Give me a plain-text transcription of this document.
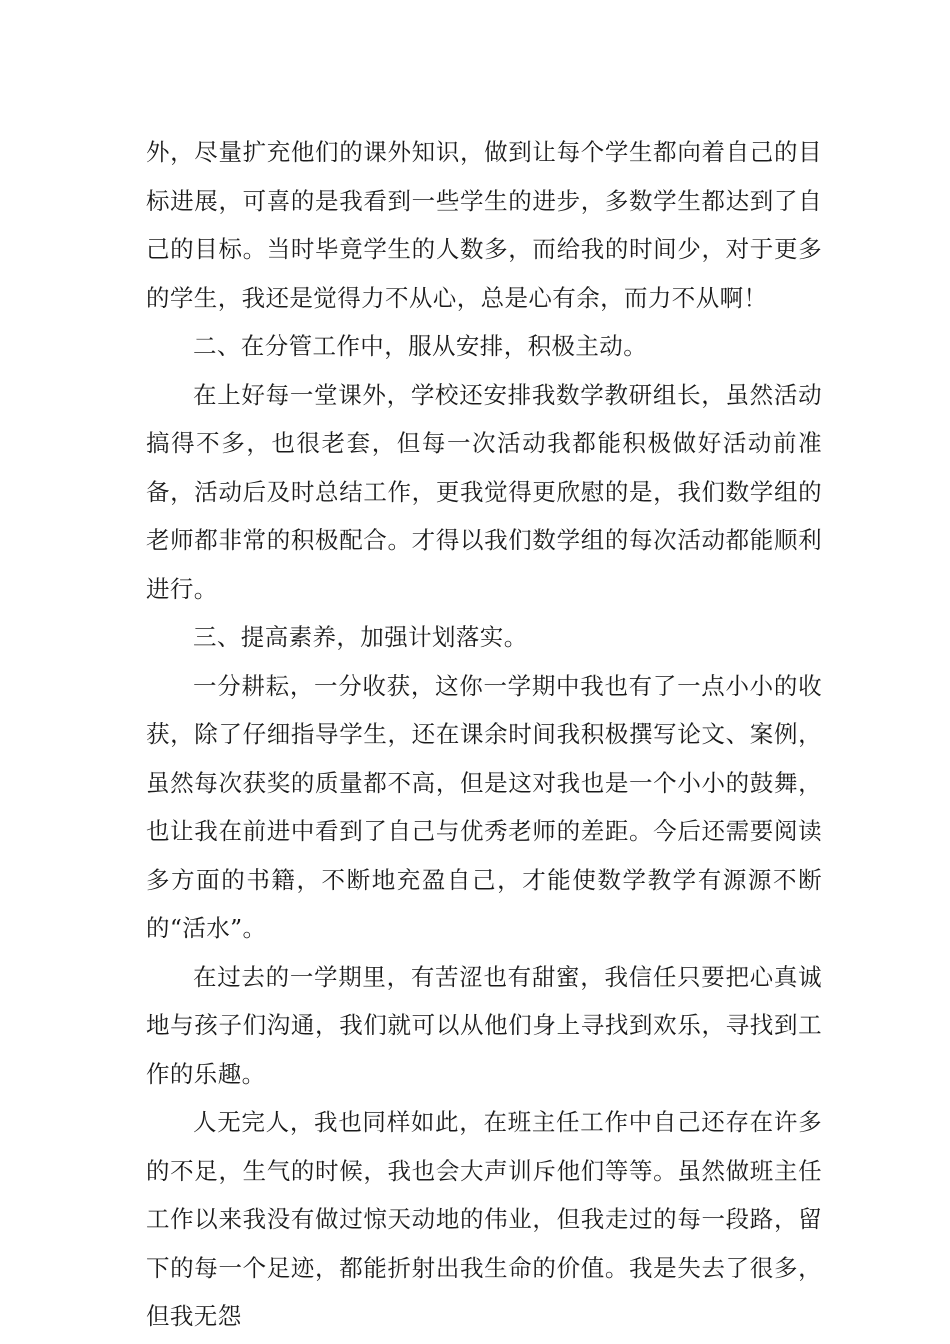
外，尽量扩充他们的课外知识，做到让每个学生都向着自己的目标进展，可喜的是我看到一些学生的进步，多数学生都达到了自己的目标。当时毕竟学生的人数多，而给我的时间少，对于更多的学生，我还是觉得力不从心，总是心有余，而力不从啊！

二、在分管工作中，服从安排，积极主动。

在上好每一堂课外，学校还安排我数学教研组长，虽然活动搞得不多，也很老套，但每一次活动我都能积极做好活动前准备，活动后及时总结工作，更我觉得更欣慰的是，我们数学组的老师都非常的积极配合。才得以我们数学组的每次活动都能顺利进行。

三、提高素养，加强计划落实。

一分耕耘，一分收获，这你一学期中我也有了一点小小的收获，除了仔细指导学生，还在课余时间我积极撰写论文、案例，虽然每次获奖的质量都不高，但是这对我也是一个小小的鼓舞，也让我在前进中看到了自己与优秀老师的差距。今后还需要阅读多方面的书籍，不断地充盈自己，才能使数学教学有源源不断的“活水”。

在过去的一学期里，有苦涩也有甜蜜，我信任只要把心真诚地与孩子们沟通，我们就可以从他们身上寻找到欢乐，寻找到工作的乐趣。

人无完人，我也同样如此，在班主任工作中自己还存在许多的不足，生气的时候，我也会大声训斥他们等等。虽然做班主任工作以来我没有做过惊天动地的伟业，但我走过的每一段路，留下的每一个足迹，都能折射出我生命的价值。我是失去了很多，但我无怨
